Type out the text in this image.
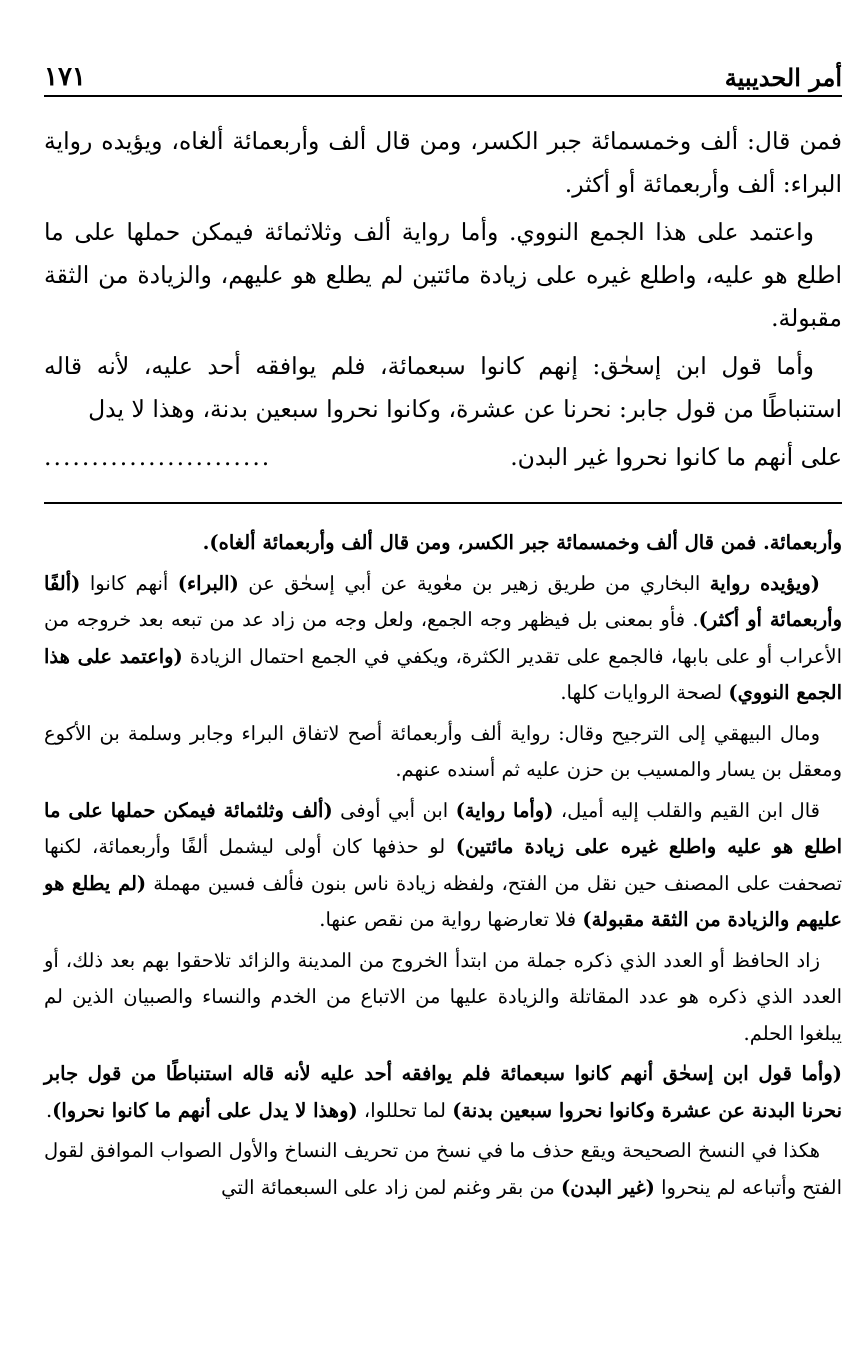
أمر الحديبية
١٧١

فمن قال: ألف وخمسمائة جبر الكسر، ومن قال ألف وأربعمائة ألغاه، ويؤيده رواية البراء: ألف وأربعمائة أو أكثر.

واعتمد على هذا الجمع النووي. وأما رواية ألف وثلاثمائة فيمكن حملها على ما اطلع هو عليه، واطلع غيره على زيادة مائتين لم يطلع هو عليهم، والزيادة من الثقة مقبولة.

وأما قول ابن إسحٰق: إنهم كانوا سبعمائة، فلم يوافقه أحد عليه، لأنه قاله استنباطًا من قول جابر: نحرنا عن عشرة، وكانوا نحروا سبعين بدنة، وهذا لا يدل

على أنهم ما كانوا نحروا غير البدن.
........................

وأربعمائة. فمن قال ألف وخمسمائة جبر الكسر، ومن قال ألف وأربعمائة ألغاه).

(ويؤيده رواية البخاري من طريق زهير بن معٰوية عن أبي إسحٰق عن (البراء) أنهم كانوا (ألفًا وأربعمائة أو أكثر). فأو بمعنى بل فيظهر وجه الجمع، ولعل وجه من زاد عد من تبعه بعد خروجه من الأعراب أو على بابها، فالجمع على تقدير الكثرة، ويكفي في الجمع احتمال الزيادة (واعتمد على هذا الجمع النووي) لصحة الروايات كلها.

ومال البيهقي إلى الترجيح وقال: رواية ألف وأربعمائة أصح لاتفاق البراء وجابر وسلمة بن الأكوع ومعقل بن يسار والمسيب بن حزن عليه ثم أسنده عنهم.

قال ابن القيم والقلب إليه أميل، (وأما رواية) ابن أبي أوفى (ألف وثلثمائة فيمكن حملها على ما اطلع هو عليه واطلع غيره على زيادة مائتين) لو حذفها كان أولى ليشمل ألفًا وأربعمائة، لكنها تصحفت على المصنف حين نقل من الفتح، ولفظه زيادة ناس بنون فألف فسين مهملة (لم يطلع هو عليهم والزيادة من الثقة مقبولة) فلا تعارضها رواية من نقص عنها.

زاد الحافظ أو العدد الذي ذكره جملة من ابتدأ الخروج من المدينة والزائد تلاحقوا بهم بعد ذلك، أو العدد الذي ذكره هو عدد المقاتلة والزيادة عليها من الاتباع من الخدم والنساء والصبيان الذين لم يبلغوا الحلم.

(وأما قول ابن إسحٰق أنهم كانوا سبعمائة فلم يوافقه أحد عليه لأنه قاله استنباطًا من قول جابر نحرنا البدنة عن عشرة وكانوا نحروا سبعين بدنة) لما تحللوا، (وهذا لا يدل على أنهم ما كانوا نحروا).

هكذا في النسخ الصحيحة ويقع حذف ما في نسخ من تحريف النساخ والأول الصواب الموافق لقول الفتح وأتباعه لم ينحروا (غير البدن) من بقر وغنم لمن زاد على السبعمائة التي
